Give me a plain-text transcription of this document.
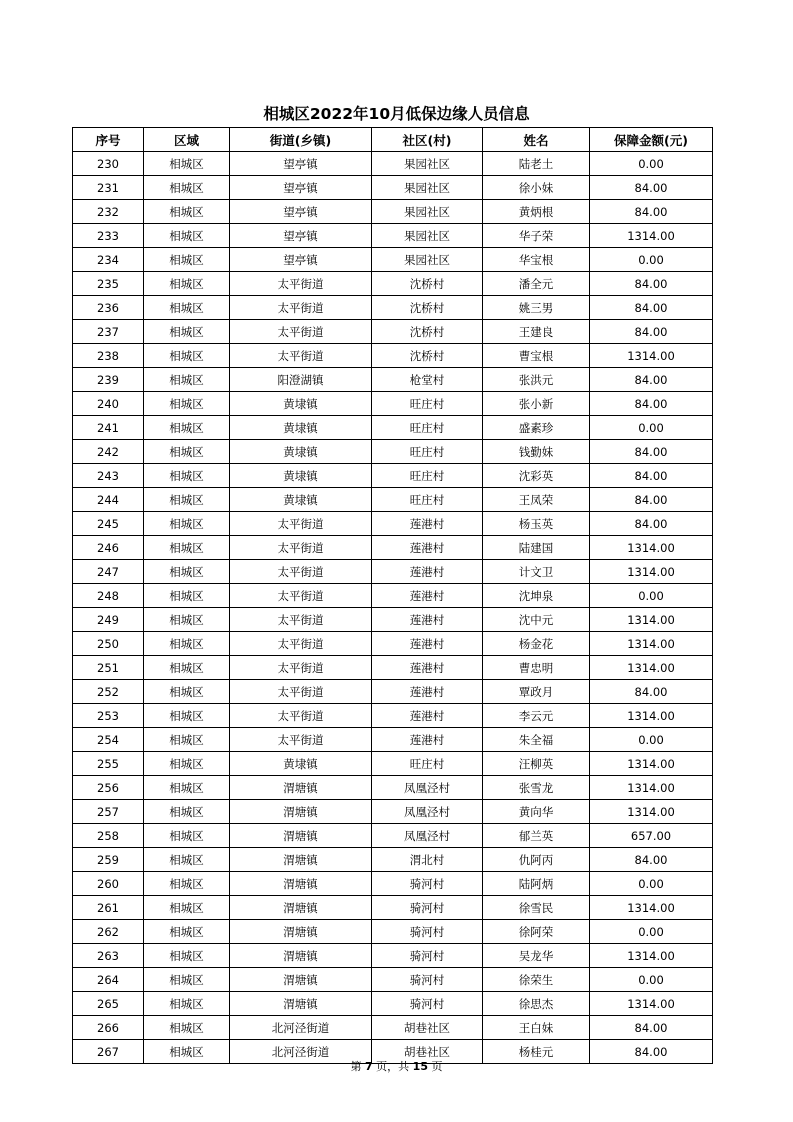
相城区2022年10月低保边缘人员信息
序号	区域	街道(乡镇)	社区(村)	姓名	保障金额(元)
230	相城区	望亭镇	果园社区	陆老土	0.00
231	相城区	望亭镇	果园社区	徐小妹	84.00
232	相城区	望亭镇	果园社区	黄炳根	84.00
233	相城区	望亭镇	果园社区	华子荣	1314.00
234	相城区	望亭镇	果园社区	华宝根	0.00
235	相城区	太平街道	沈桥村	潘全元	84.00
236	相城区	太平街道	沈桥村	姚三男	84.00
237	相城区	太平街道	沈桥村	王建良	84.00
238	相城区	太平街道	沈桥村	曹宝根	1314.00
239	相城区	阳澄湖镇	枪堂村	张洪元	84.00
240	相城区	黄埭镇	旺庄村	张小新	84.00
241	相城区	黄埭镇	旺庄村	盛素珍	0.00
242	相城区	黄埭镇	旺庄村	钱勤妹	84.00
243	相城区	黄埭镇	旺庄村	沈彩英	84.00
244	相城区	黄埭镇	旺庄村	王凤荣	84.00
245	相城区	太平街道	莲港村	杨玉英	84.00
246	相城区	太平街道	莲港村	陆建国	1314.00
247	相城区	太平街道	莲港村	计文卫	1314.00
248	相城区	太平街道	莲港村	沈坤泉	0.00
249	相城区	太平街道	莲港村	沈中元	1314.00
250	相城区	太平街道	莲港村	杨金花	1314.00
251	相城区	太平街道	莲港村	曹忠明	1314.00
252	相城区	太平街道	莲港村	覃政月	84.00
253	相城区	太平街道	莲港村	李云元	1314.00
254	相城区	太平街道	莲港村	朱全福	0.00
255	相城区	黄埭镇	旺庄村	汪柳英	1314.00
256	相城区	渭塘镇	凤凰泾村	张雪龙	1314.00
257	相城区	渭塘镇	凤凰泾村	黄向华	1314.00
258	相城区	渭塘镇	凤凰泾村	郁兰英	657.00
259	相城区	渭塘镇	渭北村	仇阿丙	84.00
260	相城区	渭塘镇	骑河村	陆阿炳	0.00
261	相城区	渭塘镇	骑河村	徐雪民	1314.00
262	相城区	渭塘镇	骑河村	徐阿荣	0.00
263	相城区	渭塘镇	骑河村	吴龙华	1314.00
264	相城区	渭塘镇	骑河村	徐荣生	0.00
265	相城区	渭塘镇	骑河村	徐思杰	1314.00
266	相城区	北河泾街道	胡巷社区	王白妹	84.00
267	相城区	北河泾街道	胡巷社区	杨桂元	84.00
第 7 页，共 15 页
